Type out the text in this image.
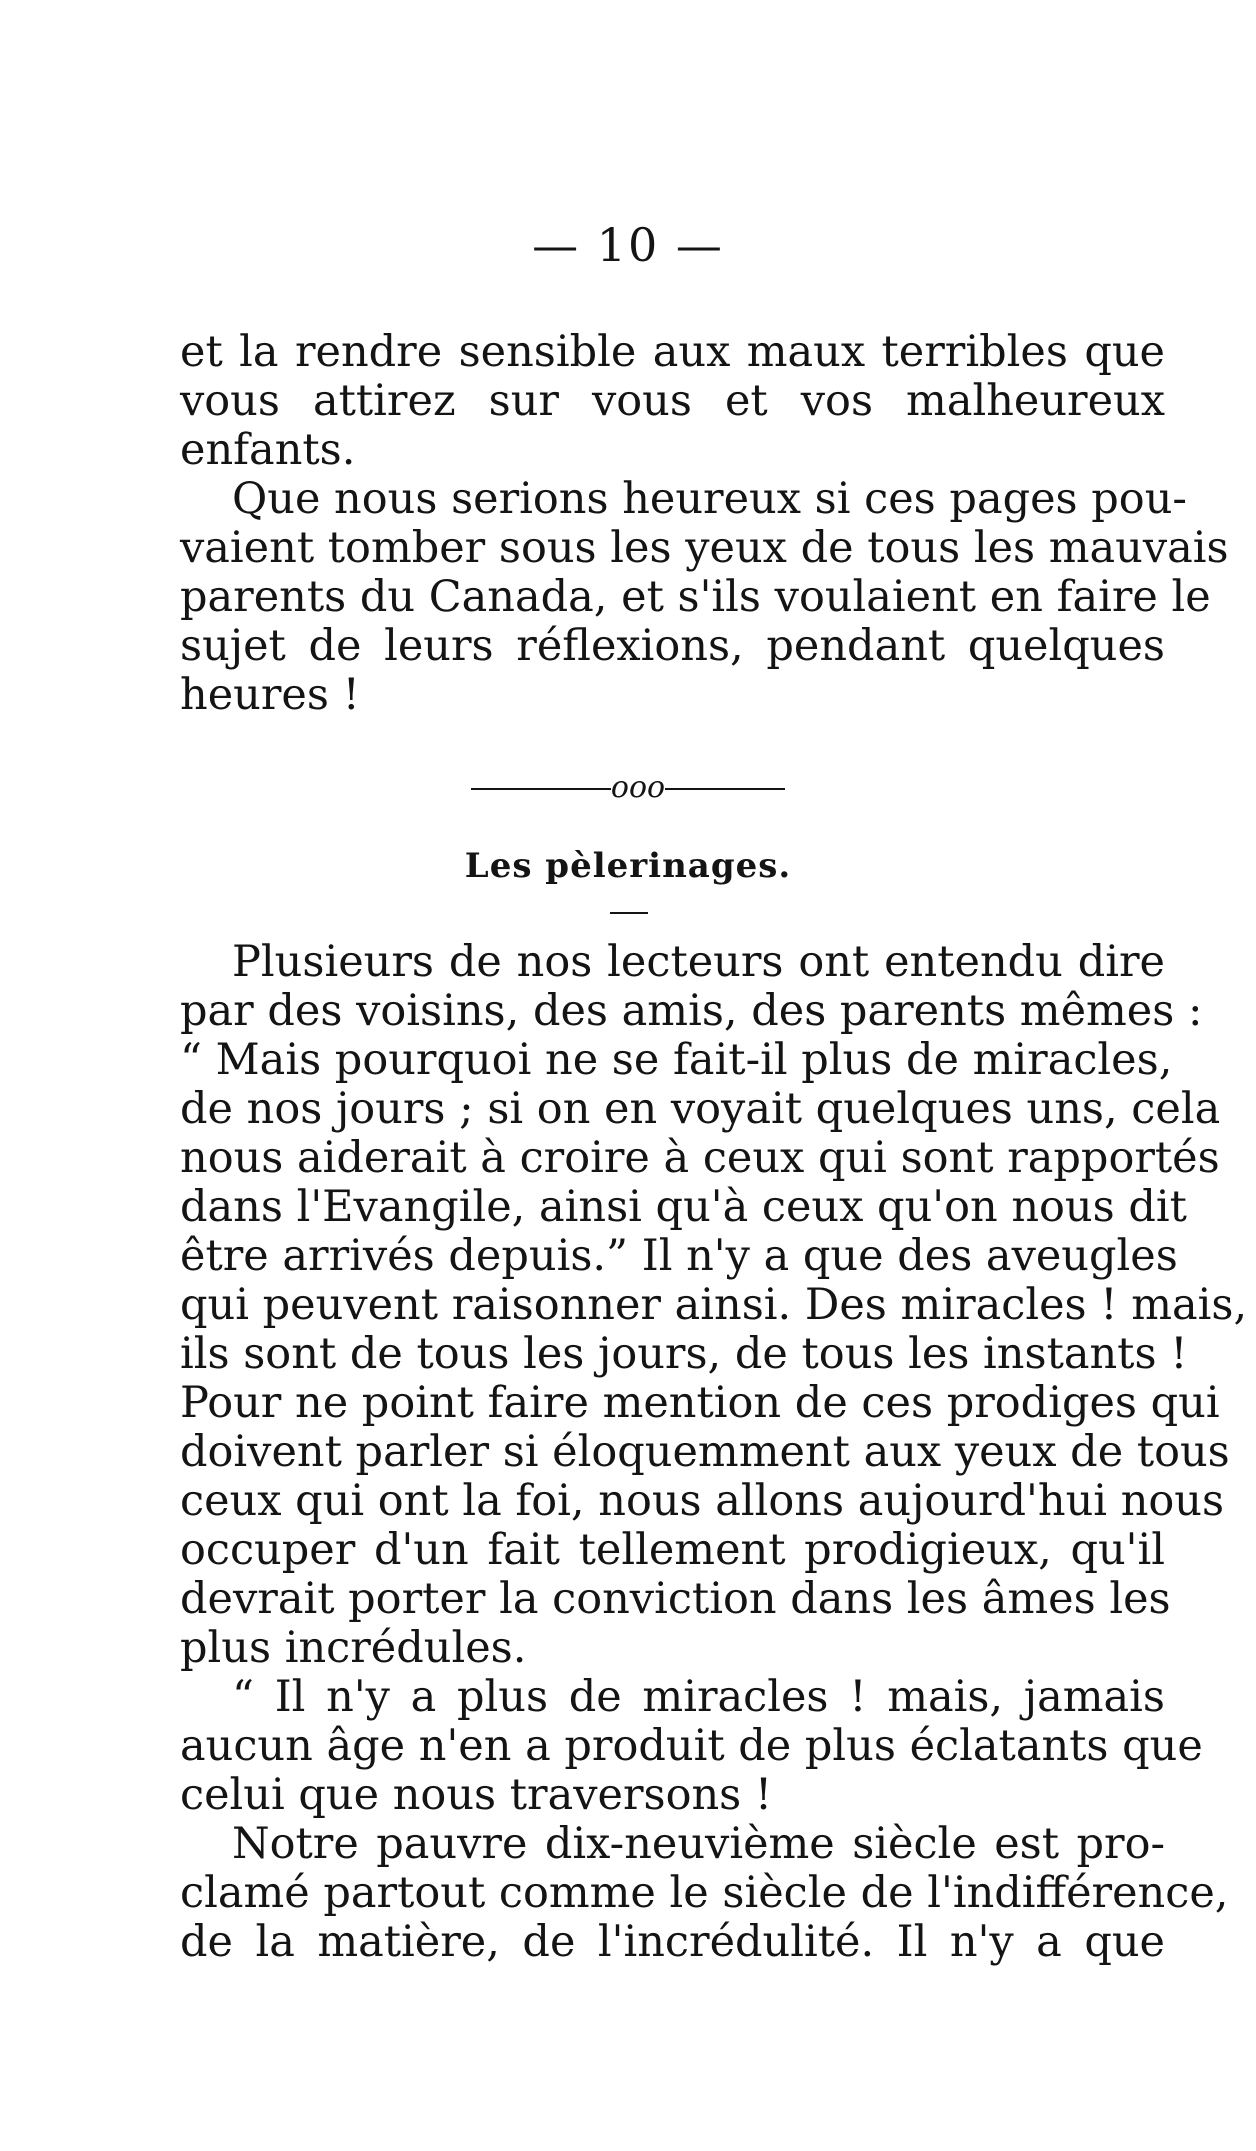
— 10 —
et la rendre sensible aux maux terribles que
vous attirez sur vous et vos malheureux
enfants.
Que nous serions heureux si ces pages pou-
vaient tomber sous les yeux de tous les mauvais
parents du Canada, et s'ils voulaient en faire le
sujet de leurs réflexions, pendant quelques
heures !
ooo
Les pèlerinages.
Plusieurs de nos lecteurs ont entendu dire
par des voisins, des amis, des parents mêmes :
“ Mais pourquoi ne se fait-il plus de miracles,
de nos jours ; si on en voyait quelques uns, cela
nous aiderait à croire à ceux qui sont rapportés
dans l'Evangile, ainsi qu'à ceux qu'on nous dit
être arrivés depuis.” Il n'y a que des aveugles
qui peuvent raisonner ainsi. Des miracles ! mais,
ils sont de tous les jours, de tous les instants !
Pour ne point faire mention de ces prodiges qui
doivent parler si éloquemment aux yeux de tous
ceux qui ont la foi, nous allons aujourd'hui nous
occuper d'un fait tellement prodigieux, qu'il
devrait porter la conviction dans les âmes les
plus incrédules.
“ Il n'y a plus de miracles ! mais, jamais
aucun âge n'en a produit de plus éclatants que
celui que nous traversons !
Notre pauvre dix-neuvième siècle est pro-
clamé partout comme le siècle de l'indifférence,
de la matière, de l'incrédulité. Il n'y a que
